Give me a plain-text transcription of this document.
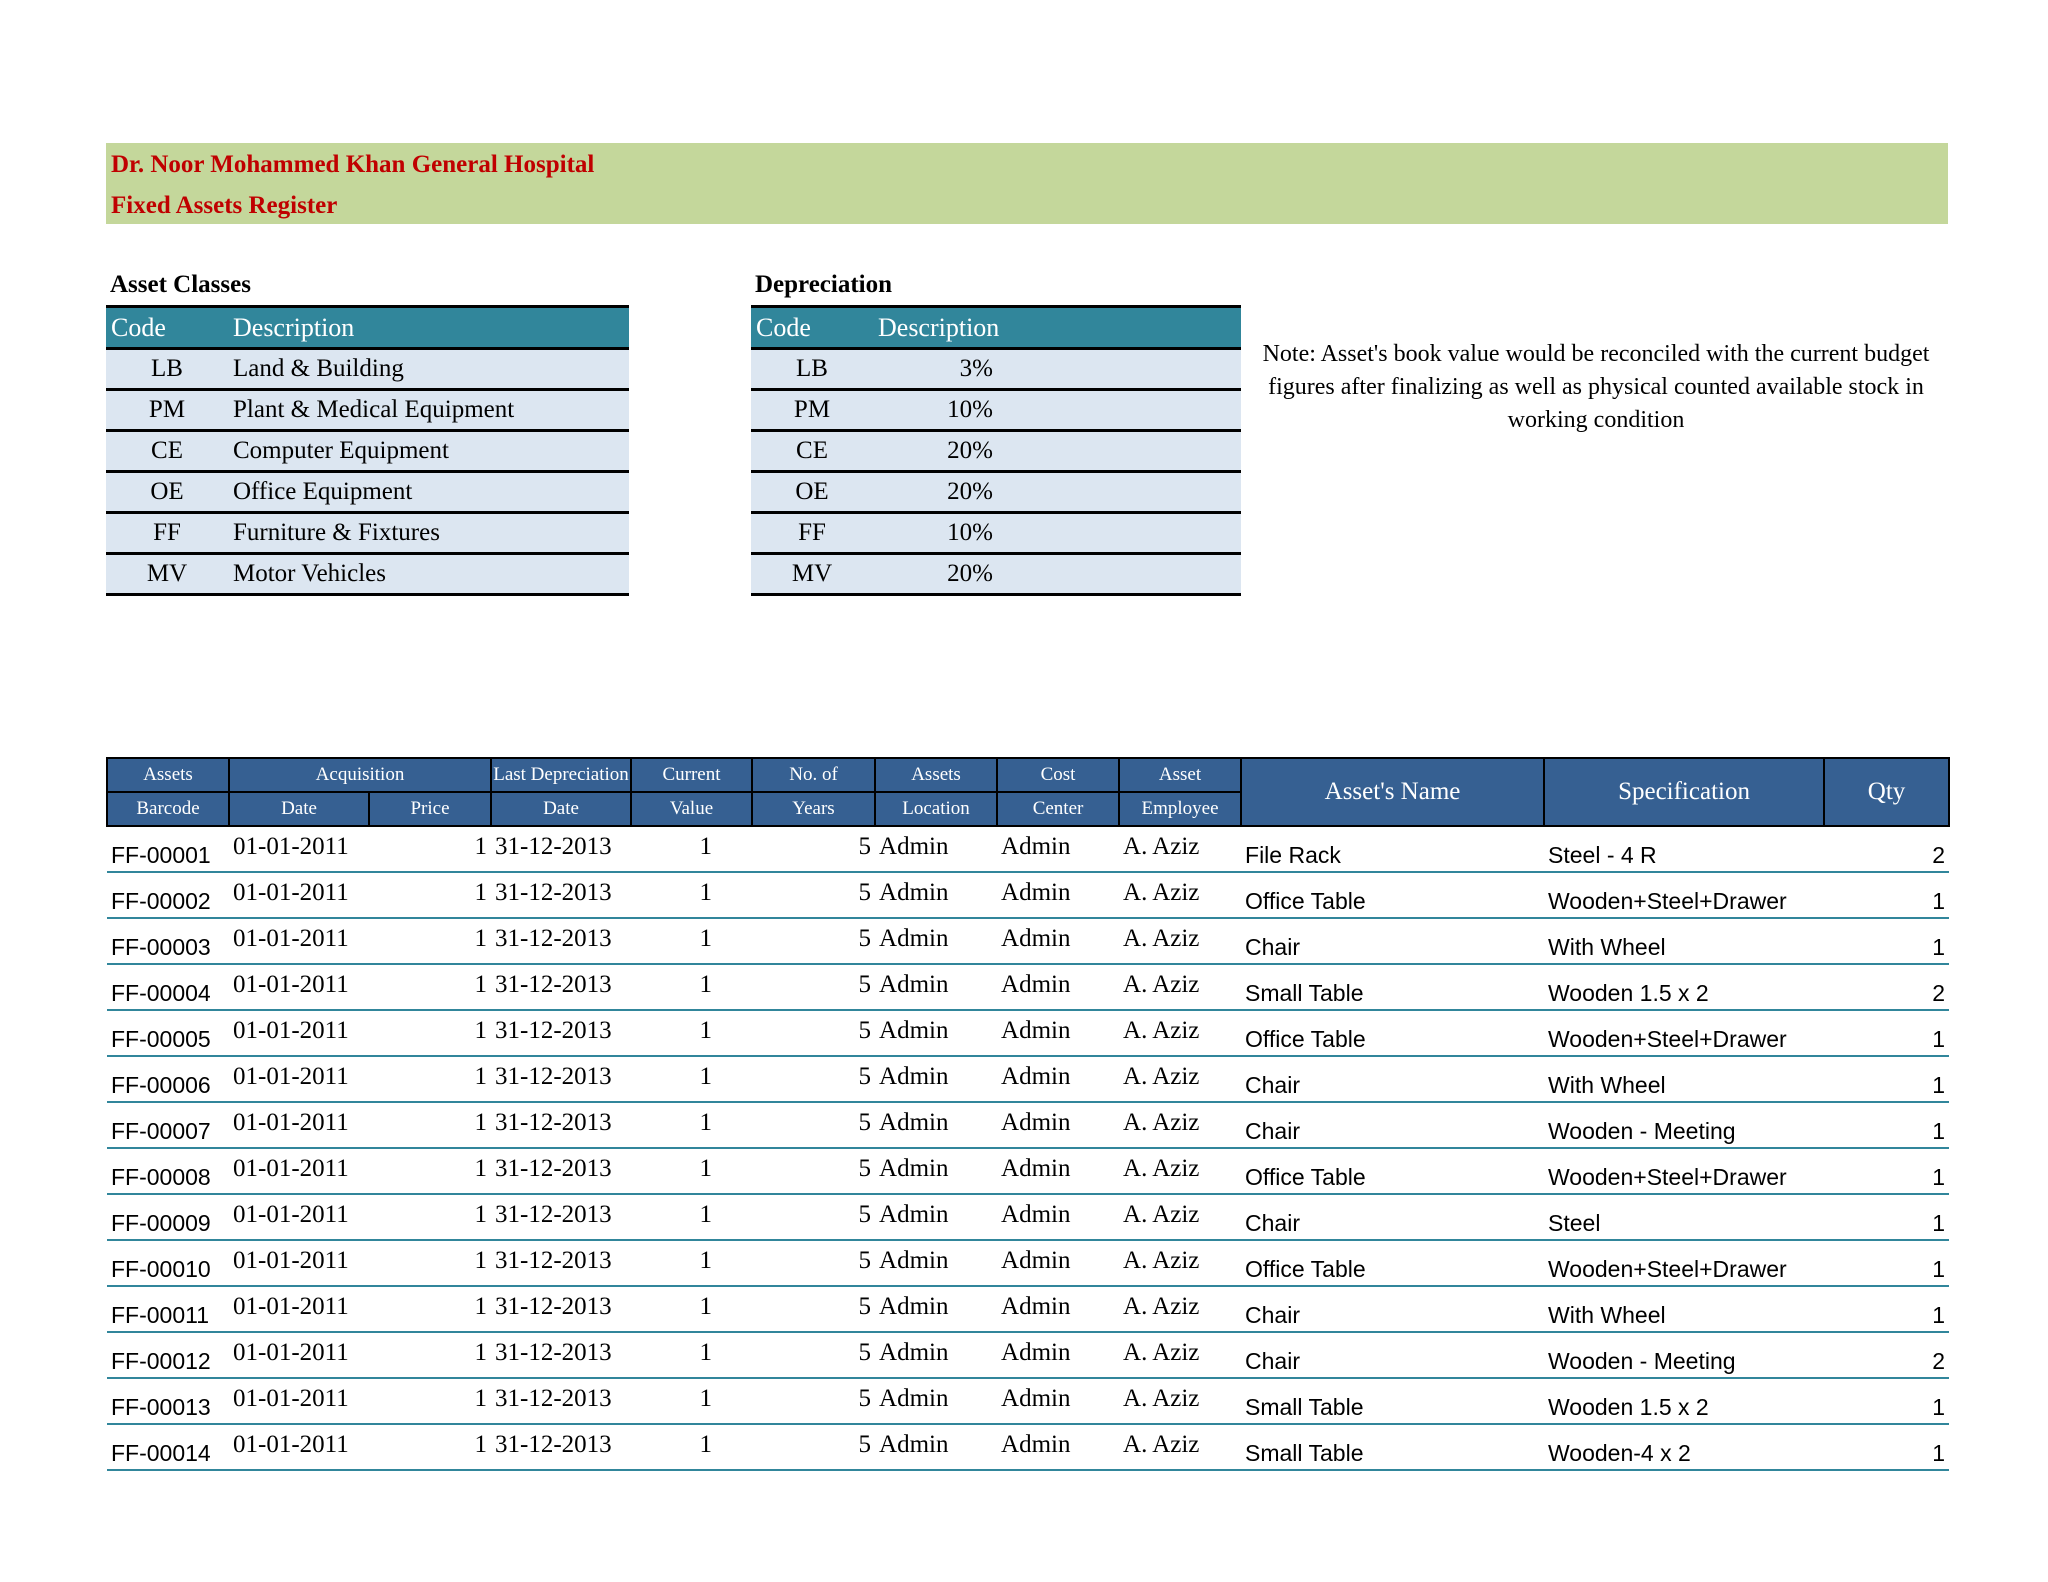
Dr. Noor Mohammed Khan General Hospital
Fixed Assets Register
Asset Classes
Code	Description
LB	Land & Building
PM	Plant & Medical Equipment
CE	Computer Equipment
OE	Office Equipment
FF	Furniture & Fixtures
MV	Motor Vehicles
Depreciation
Code	Description	
LB	3%	
PM	10%	
CE	20%	
OE	20%	
FF	10%	
MV	20%	
Note: Asset's book value would be reconciled with the current budget figures after finalizing as well as physical counted available stock in working condition
Assets	Acquisition		Last Depreciation	Current	No. of	Assets	Cost	Asset	Asset's Name	Specification	Qty
Barcode	Date	Price	Date	Value	Years	Location	Center	Employee			
FF-00001	01-01-2011	1	31-12-2013	1	5	Admin	Admin	A. Aziz	File Rack	Steel - 4 R	2
FF-00002	01-01-2011	1	31-12-2013	1	5	Admin	Admin	A. Aziz	Office Table	Wooden+Steel+Drawer	1
FF-00003	01-01-2011	1	31-12-2013	1	5	Admin	Admin	A. Aziz	Chair	With Wheel	1
FF-00004	01-01-2011	1	31-12-2013	1	5	Admin	Admin	A. Aziz	Small Table	Wooden 1.5 x 2	2
FF-00005	01-01-2011	1	31-12-2013	1	5	Admin	Admin	A. Aziz	Office Table	Wooden+Steel+Drawer	1
FF-00006	01-01-2011	1	31-12-2013	1	5	Admin	Admin	A. Aziz	Chair	With Wheel	1
FF-00007	01-01-2011	1	31-12-2013	1	5	Admin	Admin	A. Aziz	Chair	Wooden - Meeting	1
FF-00008	01-01-2011	1	31-12-2013	1	5	Admin	Admin	A. Aziz	Office Table	Wooden+Steel+Drawer	1
FF-00009	01-01-2011	1	31-12-2013	1	5	Admin	Admin	A. Aziz	Chair	Steel	1
FF-00010	01-01-2011	1	31-12-2013	1	5	Admin	Admin	A. Aziz	Office Table	Wooden+Steel+Drawer	1
FF-00011	01-01-2011	1	31-12-2013	1	5	Admin	Admin	A. Aziz	Chair	With Wheel	1
FF-00012	01-01-2011	1	31-12-2013	1	5	Admin	Admin	A. Aziz	Chair	Wooden - Meeting	2
FF-00013	01-01-2011	1	31-12-2013	1	5	Admin	Admin	A. Aziz	Small Table	Wooden 1.5 x 2	1
FF-00014	01-01-2011	1	31-12-2013	1	5	Admin	Admin	A. Aziz	Small Table	Wooden-4 x 2	1
